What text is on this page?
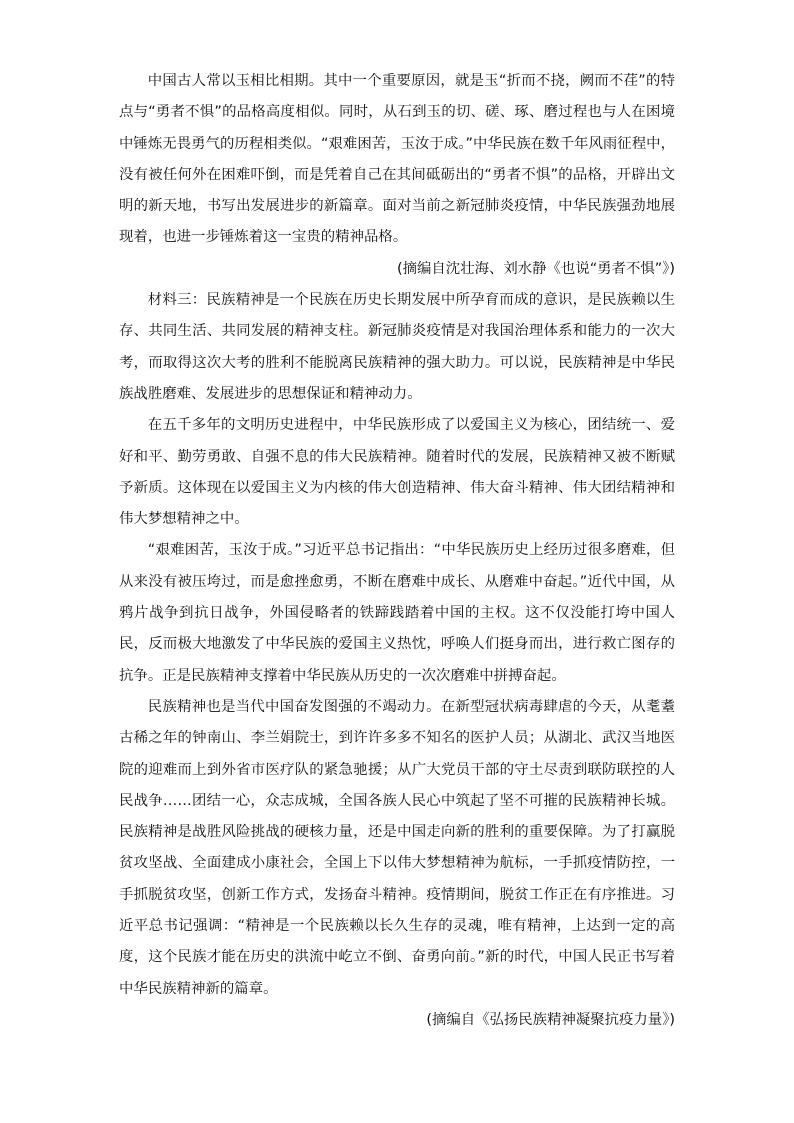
中国古人常以玉相比相期。其中一个重要原因，就是玉“折而不挠，阙而不荏”的特点与“勇者不惧”的品格高度相似。同时，从石到玉的切、磋、琢、磨过程也与人在困境中锤炼无畏勇气的历程相类似。“艰难困苦，玉汝于成。”中华民族在数千年风雨征程中，没有被任何外在困难吓倒，而是凭着自己在其间砥砺出的“勇者不惧”的品格，开辟出文明的新天地，书写出发展进步的新篇章。面对当前之新冠肺炎疫情，中华民族强劲地展现着，也进一步锤炼着这一宝贵的精神品格。

(摘编自沈壮海、刘水静《也说“勇者不惧”》)

材料三：民族精神是一个民族在历史长期发展中所孕育而成的意识，是民族赖以生存、共同生活、共同发展的精神支柱。新冠肺炎疫情是对我国治理体系和能力的一次大考，而取得这次大考的胜利不能脱离民族精神的强大助力。可以说，民族精神是中华民族战胜磨难、发展进步的思想保证和精神动力。

在五千多年的文明历史进程中，中华民族形成了以爱国主义为核心，团结统一、爱好和平、勤劳勇敢、自强不息的伟大民族精神。随着时代的发展，民族精神又被不断赋予新质。这体现在以爱国主义为内核的伟大创造精神、伟大奋斗精神、伟大团结精神和伟大梦想精神之中。

“艰难困苦，玉汝于成。”习近平总书记指出：“中华民族历史上经历过很多磨难，但从来没有被压垮过，而是愈挫愈勇，不断在磨难中成长、从磨难中奋起。”近代中国，从鸦片战争到抗日战争，外国侵略者的铁蹄践踏着中国的主权。这不仅没能打垮中国人民，反而极大地激发了中华民族的爱国主义热忱，呼唤人们挺身而出，进行救亡图存的抗争。正是民族精神支撑着中华民族从历史的一次次磨难中拼搏奋起。

民族精神也是当代中国奋发图强的不竭动力。在新型冠状病毒肆虐的今天，从耄耋古稀之年的钟南山、李兰娟院士，到许许多多不知名的医护人员；从湖北、武汉当地医院的迎难而上到外省市医疗队的紧急驰援；从广大党员干部的守土尽责到联防联控的人民战争……团结一心，众志成城，全国各族人民心中筑起了坚不可摧的民族精神长城。民族精神是战胜风险挑战的硬核力量，还是中国走向新的胜利的重要保障。为了打赢脱贫攻坚战、全面建成小康社会，全国上下以伟大梦想精神为航标，一手抓疫情防控，一手抓脱贫攻坚，创新工作方式，发扬奋斗精神。疫情期间，脱贫工作正在有序推进。习近平总书记强调：“精神是一个民族赖以长久生存的灵魂，唯有精神，上达到一定的高度，这个民族才能在历史的洪流中屹立不倒、奋勇向前。”新的时代，中国人民正书写着中华民族精神新的篇章。

(摘编自《弘扬民族精神凝聚抗疫力量》)
